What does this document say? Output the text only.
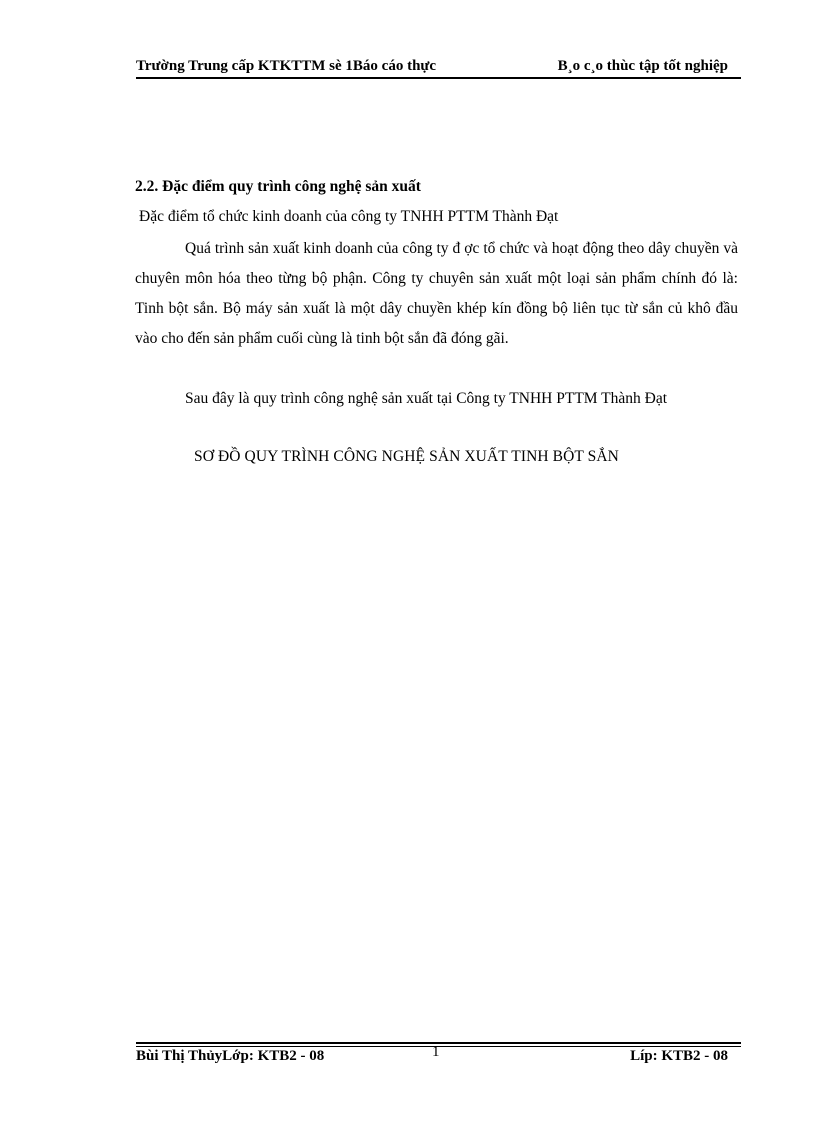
Trường Trung cấp KTKTTM sè 1Báo cáo thực	B¸o c¸o thùc tập tốt nghiệp
2.2. Đặc điểm quy trình công nghệ sản xuất
Đặc điểm tổ chức kinh doanh của công ty TNHH PTTM Thành Đạt

Quá trình sản xuất kinh doanh của công ty đ ợc tổ chức và hoạt động theo dây chuyền và chuyên môn hóa theo từng bộ phận. Công ty chuyên sản xuất một loại sản phẩm chính đó là: Tinh bột sắn. Bộ máy sản xuất là một dây chuyền khép kín đồng bộ liên tục từ sắn củ khô đầu vào cho đến sản phẩm cuối cùng là tinh bột sắn đã đóng gãi.

Sau đây là quy trình công nghệ sản xuất tại Công ty TNHH PTTM Thành Đạt

SƠ ĐỒ QUY TRÌNH CÔNG NGHỆ SẢN XUẤT TINH BỘT SẮN
Bùi Thị ThủyLớp: KTB2 - 08	1	Líp: KTB2 - 08
